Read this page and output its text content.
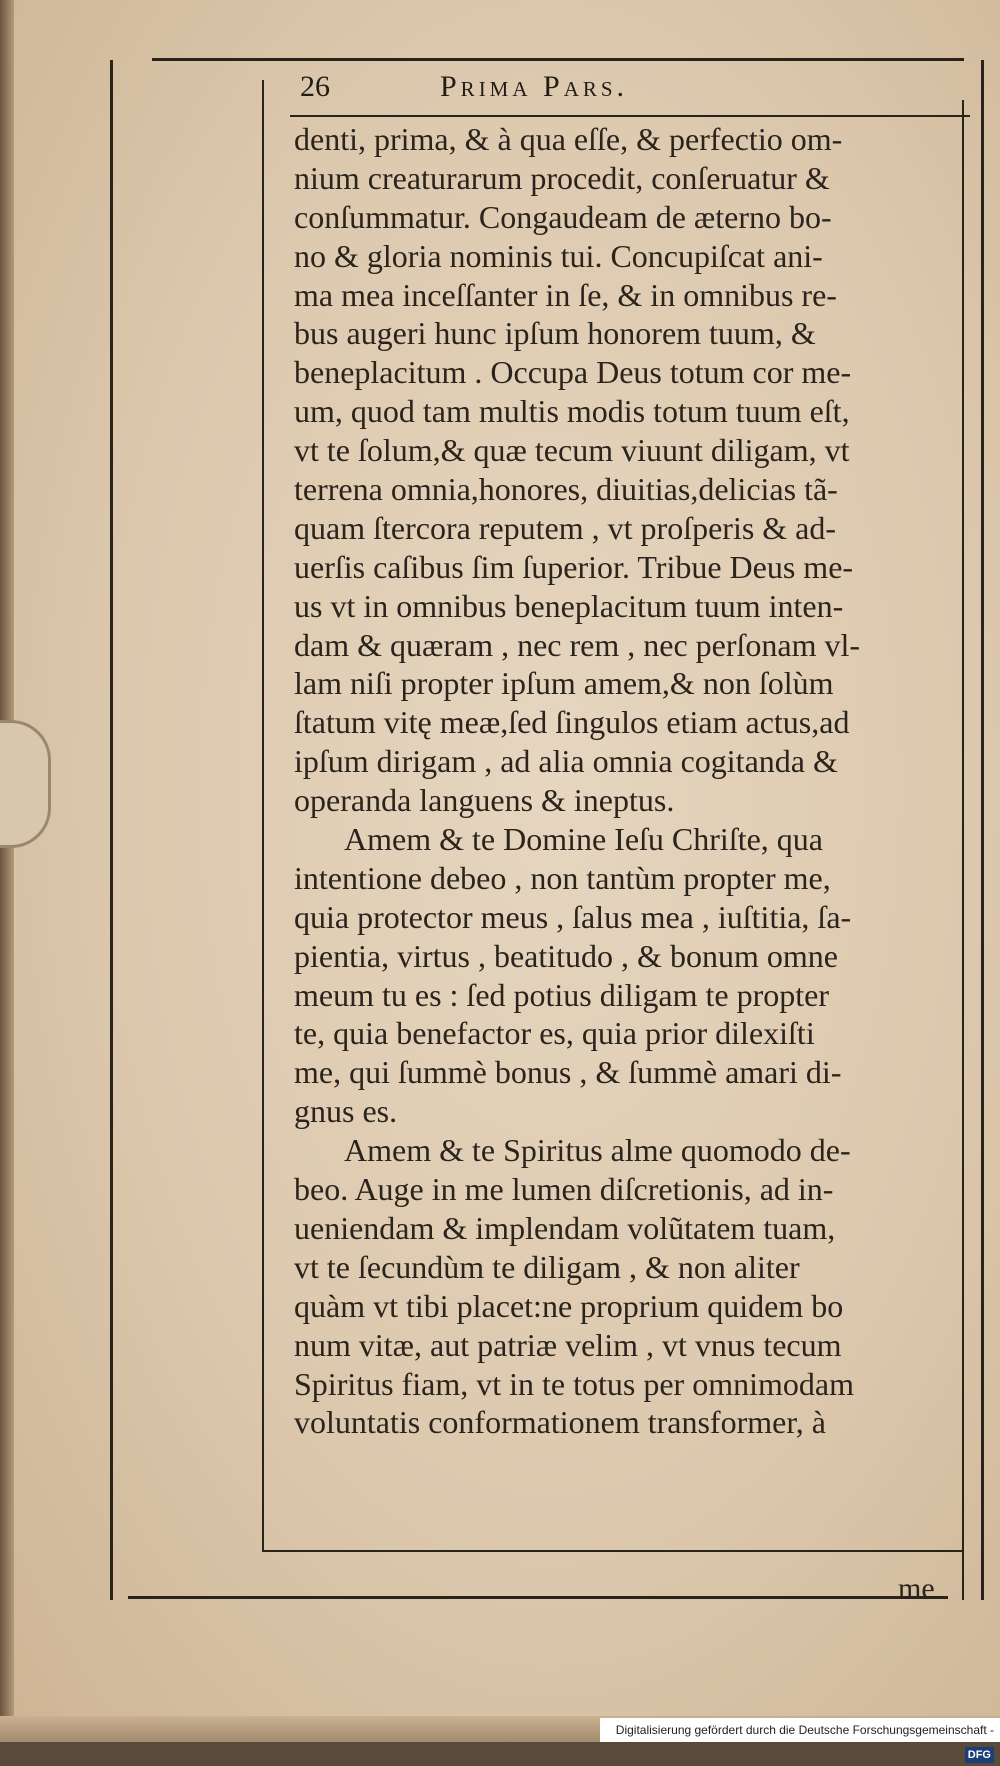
26	Prima Pars.
denti, prima, & à qua eſſe, & perfectio om-
nium creaturarum procedit, conſeruatur &
conſummatur. Congaudeam de æterno bo-
no & gloria nominis tui. Concupiſcat ani-
ma mea inceſſanter in ſe, & in omnibus re-
bus augeri hunc ipſum honorem tuum, &
beneplacitum . Occupa Deus totum cor me-
um, quod tam multis modis totum tuum eſt,
vt te ſolum,& quæ tecum viuunt diligam, vt
terrena omnia,honores, diuitias,delicias tã-
quam ſtercora reputem , vt proſperis & ad-
uerſis caſibus ſim ſuperior. Tribue Deus me-
us vt in omnibus beneplacitum tuum inten-
dam & quæram , nec rem , nec perſonam vl-
lam niſi propter ipſum amem,& non ſolùm
ſtatum vitę meæ,ſed ſingulos etiam actus,ad
ipſum dirigam , ad alia omnia cogitanda &
operanda languens & ineptus.
Amem & te Domine Ieſu Chriſte, qua
intentione debeo , non tantùm propter me,
quia protector meus , ſalus mea , iuſtitia, ſa-
pientia, virtus , beatitudo , & bonum omne
meum tu es : ſed potius diligam te propter
te, quia benefactor es, quia prior dilexiſti
me, qui ſummè bonus , & ſummè amari di-
gnus es.
Amem & te Spiritus alme quomodo de-
beo. Auge in me lumen diſcretionis, ad in-
ueniendam & implendam volũtatem tuam,
vt te ſecundùm te diligam , & non aliter
quàm vt tibi placet:ne proprium quidem bo
num vitæ, aut patriæ velim , vt vnus tecum
Spiritus fiam, vt in te totus per omnimodam
voluntatis conformationem transformer, à
me
Digitalisierung gefördert durch die Deutsche Forschungsgemeinschaft -DFG
